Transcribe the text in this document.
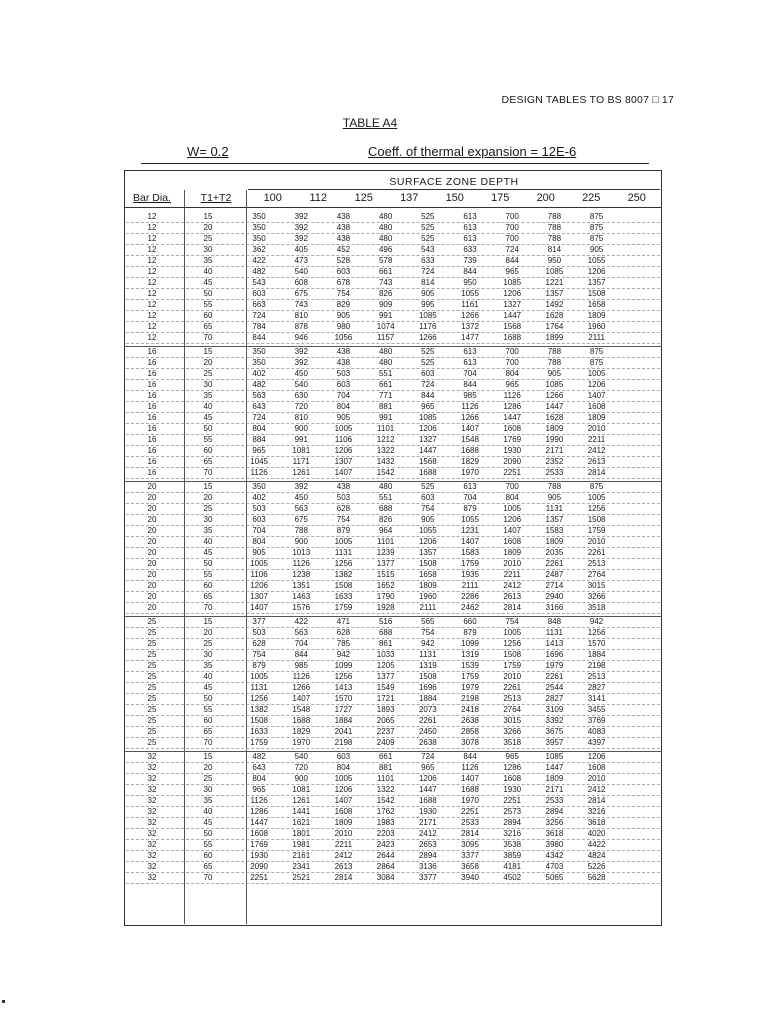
DESIGN TABLES TO BS 8007 □ 17
TABLE A4
W= 0.2	Coeff. of thermal expansion = 12E-6
SURFACE ZONE DEPTH
Bar Dia.	T1+T2	100	112	125	137	150	175	200	225	250
12	15	350	392	438	480	525	613	700	788	875
12	20	350	392	438	480	525	613	700	788	875
12	25	350	392	438	480	525	613	700	788	875
12	30	362	405	452	496	543	633	724	814	905
12	35	422	473	528	578	633	739	844	950	1055
12	40	482	540	603	661	724	844	965	1085	1206
12	45	543	608	678	743	814	950	1085	1221	1357
12	50	603	675	754	826	905	1055	1206	1357	1508
12	55	663	743	829	909	995	1161	1327	1492	1658
12	60	724	810	905	991	1085	1266	1447	1628	1809
12	65	784	878	980	1074	1176	1372	1568	1764	1960
12	70	844	946	1056	1157	1266	1477	1688	1899	2111
16	15	350	392	438	480	525	613	700	788	875
16	20	350	392	438	480	525	613	700	788	875
16	25	402	450	503	551	603	704	804	905	1005
16	30	482	540	603	661	724	844	965	1085	1206
16	35	563	630	704	771	844	985	1126	1266	1407
16	40	643	720	804	881	965	1126	1286	1447	1608
16	45	724	810	905	991	1085	1266	1447	1628	1809
16	50	804	900	1005	1101	1206	1407	1608	1809	2010
16	55	884	991	1106	1212	1327	1548	1769	1990	2211
16	60	965	1081	1206	1322	1447	1688	1930	2171	2412
16	65	1045	1171	1307	1432	1568	1829	2090	2352	2613
16	70	1126	1261	1407	1542	1688	1970	2251	2533	2814
20	15	350	392	438	480	525	613	700	788	875
20	20	402	450	503	551	603	704	804	905	1005
20	25	503	563	628	688	754	879	1005	1131	1256
20	30	603	675	754	826	905	1055	1206	1357	1508
20	35	704	788	879	964	1055	1231	1407	1583	1759
20	40	804	900	1005	1101	1206	1407	1608	1809	2010
20	45	905	1013	1131	1239	1357	1583	1809	2035	2261
20	50	1005	1126	1256	1377	1508	1759	2010	2261	2513
20	55	1106	1238	1382	1515	1658	1935	2211	2487	2764
20	60	1206	1351	1508	1652	1809	2111	2412	2714	3015
20	65	1307	1463	1633	1790	1960	2286	2613	2940	3266
20	70	1407	1576	1759	1928	2111	2462	2814	3166	3518
25	15	377	422	471	516	565	660	754	848	942
25	20	503	563	628	688	754	879	1005	1131	1256
25	25	628	704	785	861	942	1099	1256	1413	1570
25	30	754	844	942	1033	1131	1319	1508	1696	1884
25	35	879	985	1099	1205	1319	1539	1759	1979	2198
25	40	1005	1126	1256	1377	1508	1759	2010	2261	2513
25	45	1131	1266	1413	1549	1696	1979	2261	2544	2827
25	50	1256	1407	1570	1721	1884	2198	2513	2827	3141
25	55	1382	1548	1727	1893	2073	2418	2764	3109	3455
25	60	1508	1688	1884	2065	2261	2638	3015	3392	3769
25	65	1633	1829	2041	2237	2450	2858	3266	3675	4083
25	70	1759	1970	2198	2409	2638	3078	3518	3957	4397
32	15	482	540	603	661	724	844	965	1085	1206
32	20	643	720	804	881	965	1126	1286	1447	1608
32	25	804	900	1005	1101	1206	1407	1608	1809	2010
32	30	965	1081	1206	1322	1447	1688	1930	2171	2412
32	35	1126	1261	1407	1542	1688	1970	2251	2533	2814
32	40	1286	1441	1608	1762	1930	2251	2573	2894	3216
32	45	1447	1621	1809	1983	2171	2533	2894	3256	3618
32	50	1608	1801	2010	2203	2412	2814	3216	3618	4020
32	55	1769	1981	2211	2423	2653	3095	3538	3980	4422
32	60	1930	2161	2412	2644	2894	3377	3859	4342	4824
32	65	2090	2341	2613	2864	3136	3658	4181	4703	5226
32	70	2251	2521	2814	3084	3377	3940	4502	5065	5628
